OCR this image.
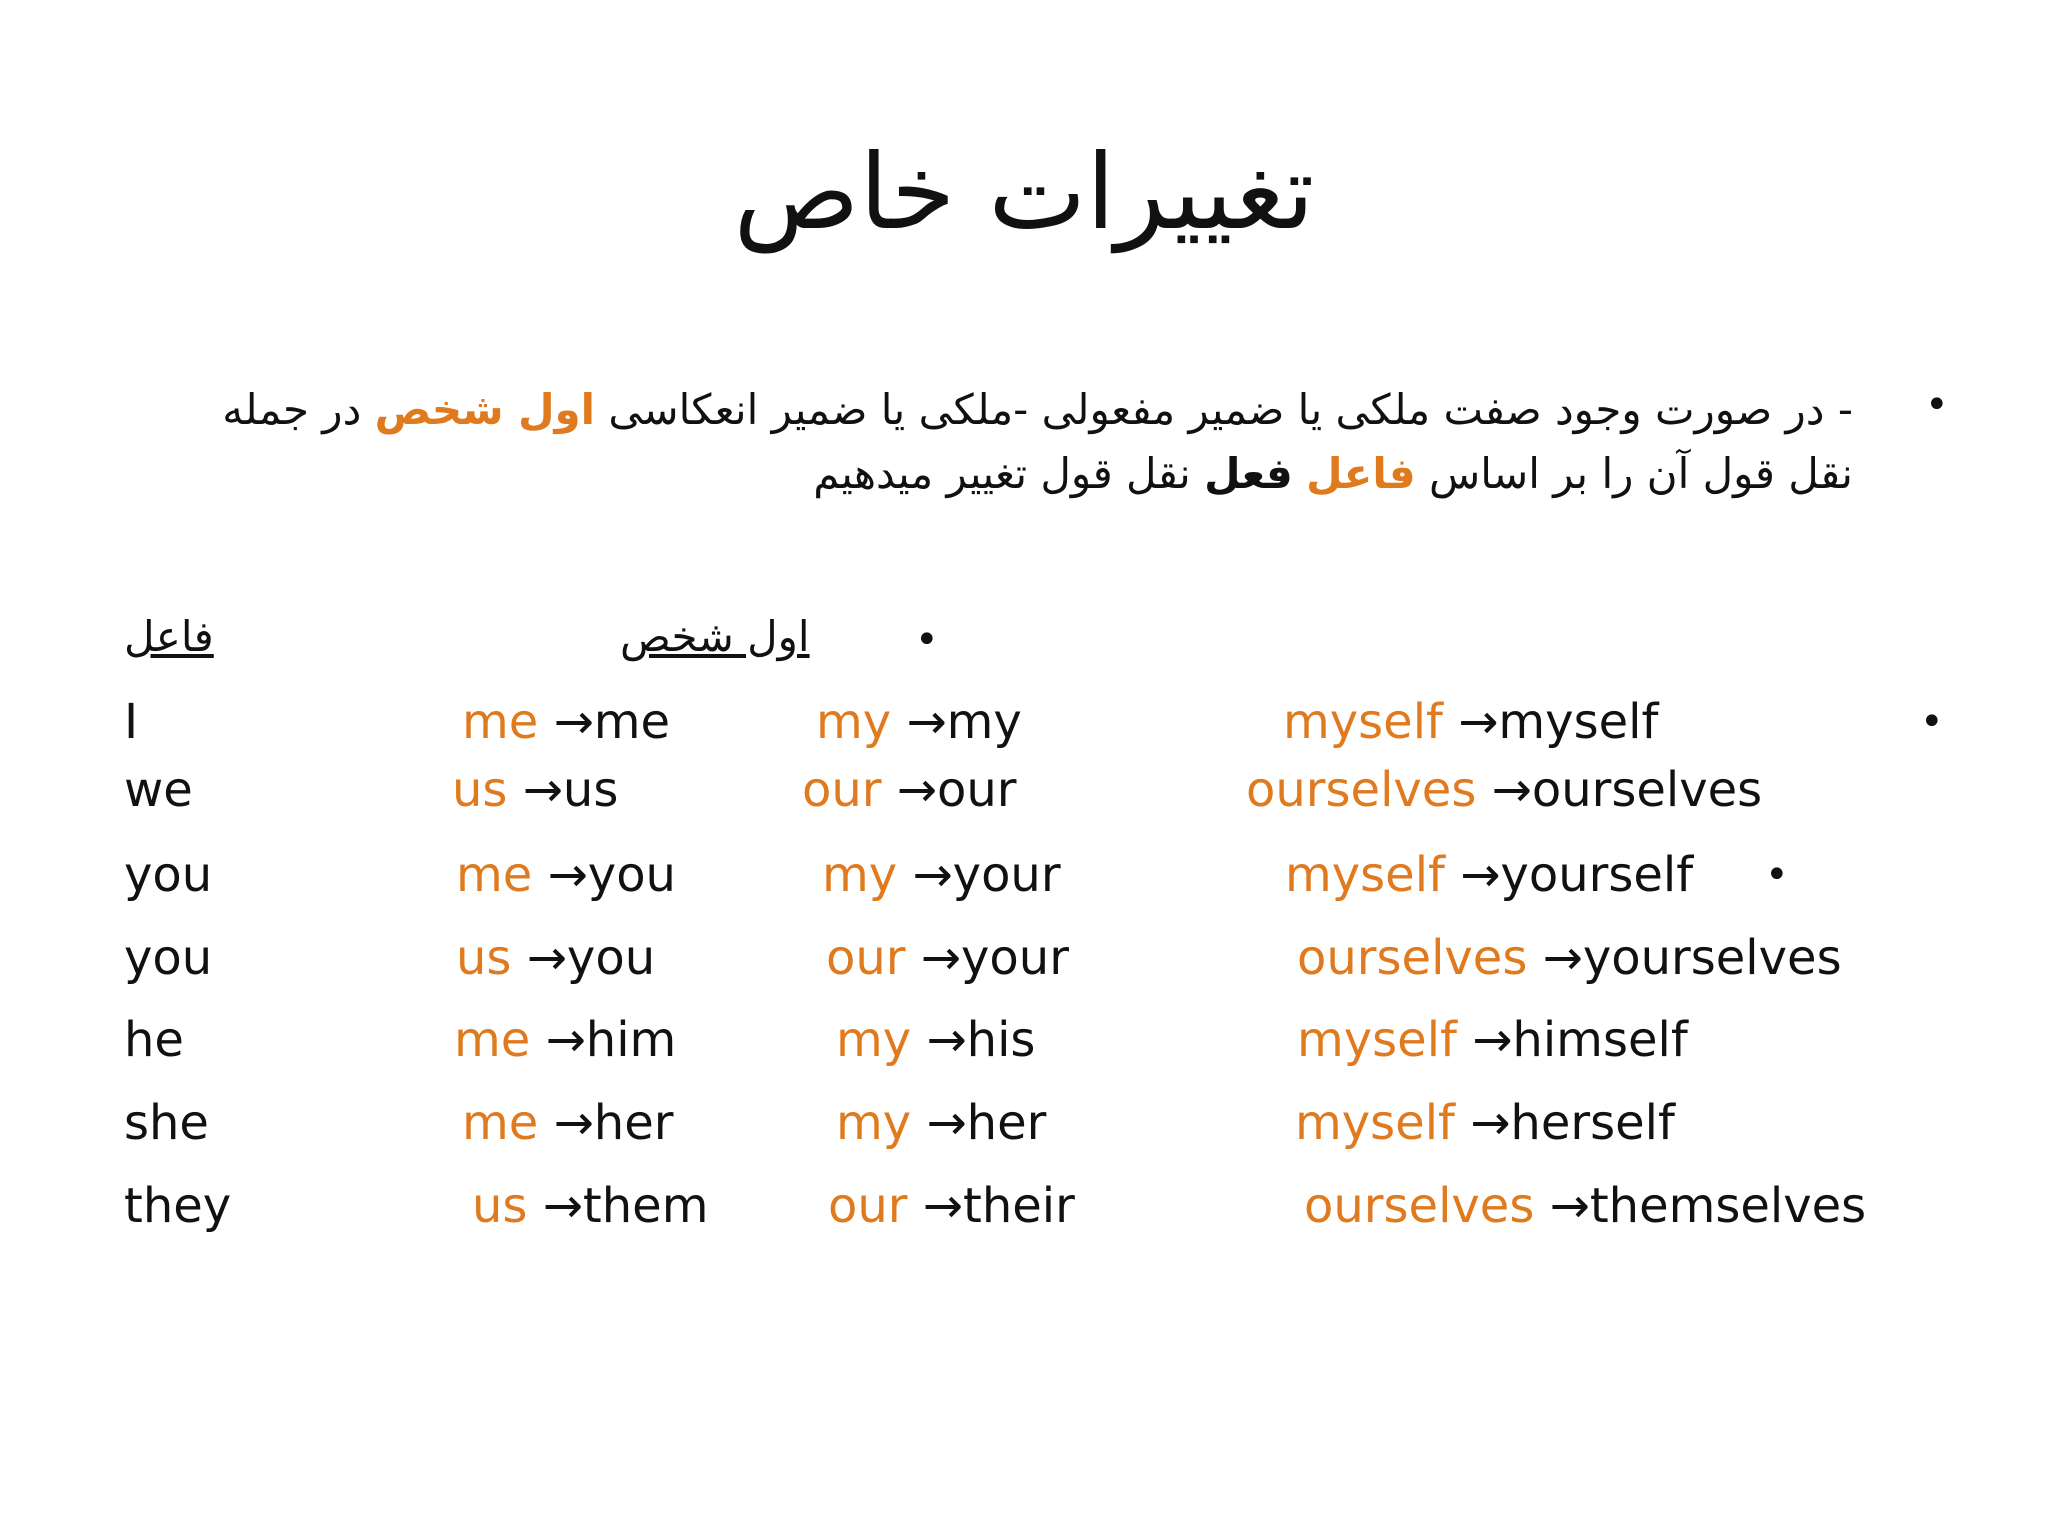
تغییرات خاص
•
- در صورت وجود صفت ملکی یا ضمیر مفعولی -ملکی یا ضمیر انعکاسی اول شخص در جمله نقل قول آن را بر اساس فاعل فعل نقل قول تغییر میدهیم
•
اول شخص
فاعل
I	me →me	my →my	myself →myself	•
we	us →us	our →our	ourselves →ourselves
you	me →you	my →your	myself →yourself •
you	us →you	our →your	ourselves →yourselves
he	me →him	my →his	myself →himself
she	me →her	my →her	myself →herself
they	us →them our →their	ourselves →themselves
